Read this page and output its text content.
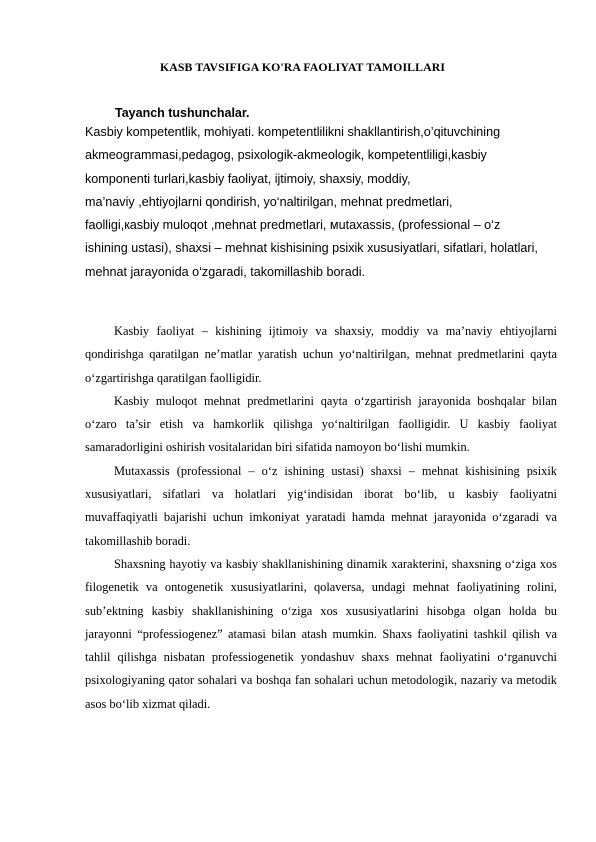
KASB TAVSIFIGA KO'RA FAOLIYAT TAMOILLARI
Tayanch tushunchalar.
Kasbiy kompetentlik, mohiyati. kompetentlilikni shakllantirish,o’qituvchining
akmeogrammasi,pedagog, psixologik-akmeologik, kompetentliligi,kasbiy
komponenti turlari,kasbiy faoliyat, ijtimoiy, shaxsiy, moddiy,
ma’naviy ,ehtiyojlarni qondirish, yo‘naltirilgan, mehnat predmetlari,
faolligi,кasbiy muloqot ,mehnat predmetlari, мutaxassis, (professional – o‘z
ishining ustasi), shaxsi – mehnat kishisining psixik xususiyatlari, sifatlari, holatlari,
mehnat jarayonida o‘zgaradi, takomillashib boradi.

Kasbiy faoliyat – kishining ijtimoiy va shaxsiy, moddiy va ma’naviy ehtiyojlarni qondirishga qaratilgan ne’matlar yaratish uchun yo‘naltirilgan, mehnat predmetlarini qayta o‘zgartirishga qaratilgan faolligidir.

Kasbiy muloqot mehnat predmetlarini qayta o‘zgartirish jarayonida boshqalar bilan o‘zaro ta’sir etish va hamkorlik qilishga yo‘naltirilgan faolligidir. U kasbiy faoliyat samaradorligini oshirish vositalaridan biri sifatida namoyon bo‘lishi mumkin.

Mutaxassis (professional – o‘z ishining ustasi) shaxsi – mehnat kishisining psixik xususiyatlari, sifatlari va holatlari yig‘indisidan iborat bo‘lib, u kasbiy faoliyatni muvaffaqiyatli bajarishi uchun imkoniyat yaratadi hamda mehnat jarayonida o‘zgaradi va takomillashib boradi.

Shaxsning hayotiy va kasbiy shakllanishining dinamik xarakterini, shaxsning o‘ziga xos filogenetik va ontogenetik xususiyatlarini, qolaversa, undagi mehnat faoliyatining rolini, sub’ektning kasbiy shakllanishining o‘ziga xos xususiyatlarini hisobga olgan holda bu jarayonni “professiogenez” atamasi bilan atash mumkin. Shaxs faoliyatini tashkil qilish va tahlil qilishga nisbatan professiogenetik yondashuv shaxs mehnat faoliyatini o‘rganuvchi psixologiyaning qator sohalari va boshqa fan sohalari uchun metodologik, nazariy va metodik asos bo‘lib xizmat qiladi.
